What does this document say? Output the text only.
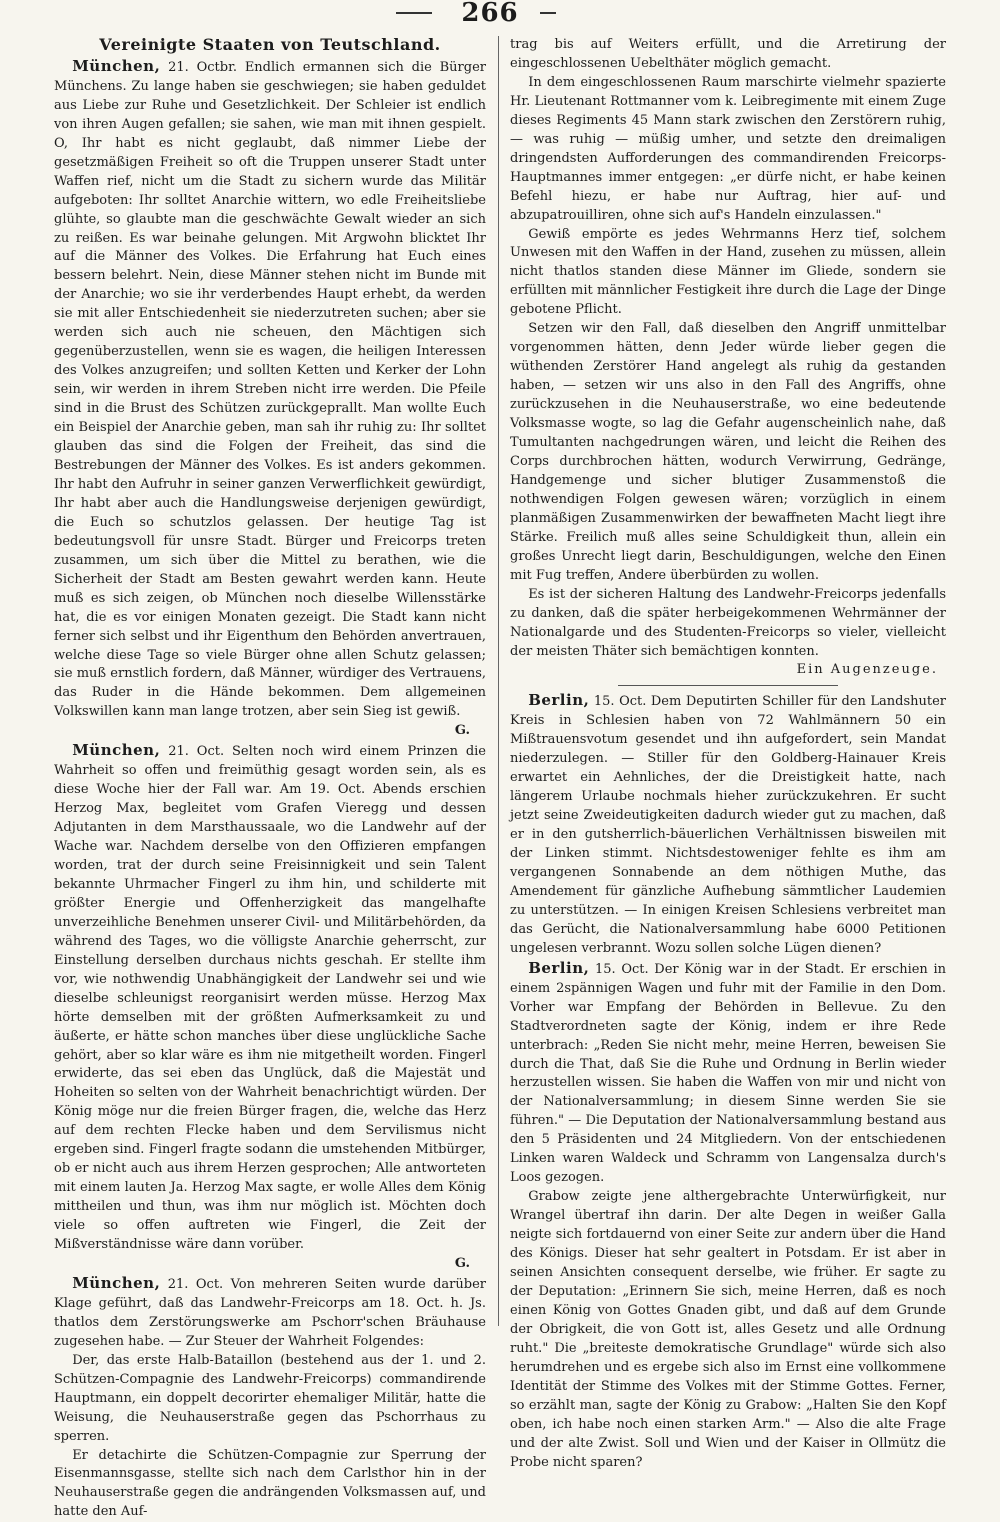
266
Vereinigte Staaten von Teutschland.

München, 21. Octbr. Endlich ermannen sich die Bürger Münchens. Zu lange haben sie geschwiegen; sie haben geduldet aus Liebe zur Ruhe und Gesetzlichkeit. Der Schleier ist endlich von ihren Augen gefallen; sie sahen, wie man mit ihnen gespielt. O, Ihr habt es nicht geglaubt, daß nimmer Liebe der gesetzmäßigen Freiheit so oft die Truppen unserer Stadt unter Waffen rief, nicht um die Stadt zu sichern wurde das Militär aufgeboten: Ihr solltet Anarchie wittern, wo edle Freiheitsliebe glühte, so glaubte man die geschwächte Gewalt wieder an sich zu reißen. Es war beinahe gelungen. Mit Argwohn blicktet Ihr auf die Männer des Volkes. Die Erfahrung hat Euch eines bessern belehrt. Nein, diese Männer stehen nicht im Bunde mit der Anarchie; wo sie ihr verderbendes Haupt erhebt, da werden sie mit aller Entschiedenheit sie niederzutreten suchen; aber sie werden sich auch nie scheuen, den Mächtigen sich gegenüberzustellen, wenn sie es wagen, die heiligen Interessen des Volkes anzugreifen; und sollten Ketten und Kerker der Lohn sein, wir werden in ihrem Streben nicht irre werden. Die Pfeile sind in die Brust des Schützen zurückgeprallt. Man wollte Euch ein Beispiel der Anarchie geben, man sah ihr ruhig zu: Ihr solltet glauben das sind die Folgen der Freiheit, das sind die Bestrebungen der Männer des Volkes. Es ist anders gekommen. Ihr habt den Aufruhr in seiner ganzen Verwerflichkeit gewürdigt, Ihr habt aber auch die Handlungsweise derjenigen gewürdigt, die Euch so schutzlos gelassen. Der heutige Tag ist bedeutungsvoll für unsre Stadt. Bürger und Freicorps treten zusammen, um sich über die Mittel zu berathen, wie die Sicherheit der Stadt am Besten gewahrt werden kann. Heute muß es sich zeigen, ob München noch dieselbe Willensstärke hat, die es vor einigen Monaten gezeigt. Die Stadt kann nicht ferner sich selbst und ihr Eigenthum den Behörden anvertrauen, welche diese Tage so viele Bürger ohne allen Schutz gelassen; sie muß ernstlich fordern, daß Männer, würdiger des Vertrauens, das Ruder in die Hände bekommen. Dem allgemeinen Volkswillen kann man lange trotzen, aber sein Sieg ist gewiß.

G.

München, 21. Oct. Selten noch wird einem Prinzen die Wahrheit so offen und freimüthig gesagt worden sein, als es diese Woche hier der Fall war. Am 19. Oct. Abends erschien Herzog Max, begleitet vom Grafen Vieregg und dessen Adjutanten in dem Marsthaussaale, wo die Landwehr auf der Wache war. Nachdem derselbe von den Offizieren empfangen worden, trat der durch seine Freisinnigkeit und sein Talent bekannte Uhrmacher Fingerl zu ihm hin, und schilderte mit größter Energie und Offenherzigkeit das mangelhafte unverzeihliche Benehmen unserer Civil- und Militärbehörden, da während des Tages, wo die völligste Anarchie geherrscht, zur Einstellung derselben durchaus nichts geschah. Er stellte ihm vor, wie nothwendig Unabhängigkeit der Landwehr sei und wie dieselbe schleunigst reorganisirt werden müsse. Herzog Max hörte demselben mit der größten Aufmerksamkeit zu und äußerte, er hätte schon manches über diese unglückliche Sache gehört, aber so klar wäre es ihm nie mitgetheilt worden. Fingerl erwiderte, das sei eben das Unglück, daß die Majestät und Hoheiten so selten von der Wahrheit benachrichtigt würden. Der König möge nur die freien Bürger fragen, die, welche das Herz auf dem rechten Flecke haben und dem Servilismus nicht ergeben sind. Fingerl fragte sodann die umstehenden Mitbürger, ob er nicht auch aus ihrem Herzen gesprochen; Alle antworteten mit einem lauten Ja. Herzog Max sagte, er wolle Alles dem König mittheilen und thun, was ihm nur möglich ist. Möchten doch viele so offen auftreten wie Fingerl, die Zeit der Mißverständnisse wäre dann vorüber.

G.

München, 21. Oct. Von mehreren Seiten wurde darüber Klage geführt, daß das Landwehr-Freicorps am 18. Oct. h. Js. thatlos dem Zerstörungswerke am Pschorr'schen Bräuhause zugesehen habe. — Zur Steuer der Wahrheit Folgendes:

Der, das erste Halb-Bataillon (bestehend aus der 1. und 2. Schützen-Compagnie des Landwehr-Freicorps) commandirende Hauptmann, ein doppelt decorirter ehemaliger Militär, hatte die Weisung, die Neuhauserstraße gegen das Pschorrhaus zu sperren.

Er detachirte die Schützen-Compagnie zur Sperrung der Eisenmannsgasse, stellte sich nach dem Carlsthor hin in der Neuhauserstraße gegen die andrängenden Volksmassen auf, und hatte den Auf-

trag bis auf Weiters erfüllt, und die Arretirung der eingeschlossenen Uebelthäter möglich gemacht.

In dem eingeschlossenen Raum marschirte vielmehr spazierte Hr. Lieutenant Rottmanner vom k. Leibregimente mit einem Zuge dieses Regiments 45 Mann stark zwischen den Zerstörern ruhig, — was ruhig — müßig umher, und setzte den dreimaligen dringendsten Aufforderungen des commandirenden Freicorps-Hauptmannes immer entgegen: „er dürfe nicht, er habe keinen Befehl hiezu, er habe nur Auftrag, hier auf- und abzupatrouilliren, ohne sich auf's Handeln einzulassen."

Gewiß empörte es jedes Wehrmanns Herz tief, solchem Unwesen mit den Waffen in der Hand, zusehen zu müssen, allein nicht thatlos standen diese Männer im Gliede, sondern sie erfüllten mit männlicher Festigkeit ihre durch die Lage der Dinge gebotene Pflicht.

Setzen wir den Fall, daß dieselben den Angriff unmittelbar vorgenommen hätten, denn Jeder würde lieber gegen die wüthenden Zerstörer Hand angelegt als ruhig da gestanden haben, — setzen wir uns also in den Fall des Angriffs, ohne zurückzusehen in die Neuhauserstraße, wo eine bedeutende Volksmasse wogte, so lag die Gefahr augenscheinlich nahe, daß Tumultanten nachgedrungen wären, und leicht die Reihen des Corps durchbrochen hätten, wodurch Verwirrung, Gedränge, Handgemenge und sicher blutiger Zusammenstoß die nothwendigen Folgen gewesen wären; vorzüglich in einem planmäßigen Zusammenwirken der bewaffneten Macht liegt ihre Stärke. Freilich muß alles seine Schuldigkeit thun, allein ein großes Unrecht liegt darin, Beschuldigungen, welche den Einen mit Fug treffen, Andere überbürden zu wollen.

Es ist der sicheren Haltung des Landwehr-Freicorps jedenfalls zu danken, daß die später herbeigekommenen Wehrmänner der Nationalgarde und des Studenten-Freicorps so vieler, vielleicht der meisten Thäter sich bemächtigen konnten.

Ein Augenzeuge.

Berlin, 15. Oct. Dem Deputirten Schiller für den Landshuter Kreis in Schlesien haben von 72 Wahlmännern 50 ein Mißtrauensvotum gesendet und ihn aufgefordert, sein Mandat niederzulegen. — Stiller für den Goldberg-Hainauer Kreis erwartet ein Aehnliches, der die Dreistigkeit hatte, nach längerem Urlaube nochmals hieher zurückzukehren. Er sucht jetzt seine Zweideutigkeiten dadurch wieder gut zu machen, daß er in den gutsherrlich-bäuerlichen Verhältnissen bisweilen mit der Linken stimmt. Nichtsdestoweniger fehlte es ihm am vergangenen Sonnabende an dem nöthigen Muthe, das Amendement für gänzliche Aufhebung sämmtlicher Laudemien zu unterstützen. — In einigen Kreisen Schlesiens verbreitet man das Gerücht, die Nationalversammlung habe 6000 Petitionen ungelesen verbrannt. Wozu sollen solche Lügen dienen?

Berlin, 15. Oct. Der König war in der Stadt. Er erschien in einem 2spännigen Wagen und fuhr mit der Familie in den Dom. Vorher war Empfang der Behörden in Bellevue. Zu den Stadtverordneten sagte der König, indem er ihre Rede unterbrach: „Reden Sie nicht mehr, meine Herren, beweisen Sie durch die That, daß Sie die Ruhe und Ordnung in Berlin wieder herzustellen wissen. Sie haben die Waffen von mir und nicht von der Nationalversammlung; in diesem Sinne werden Sie sie führen." — Die Deputation der Nationalversammlung bestand aus den 5 Präsidenten und 24 Mitgliedern. Von der entschiedenen Linken waren Waldeck und Schramm von Langensalza durch's Loos gezogen.

Grabow zeigte jene althergebrachte Unterwürfigkeit, nur Wrangel übertraf ihn darin. Der alte Degen in weißer Galla neigte sich fortdauernd von einer Seite zur andern über die Hand des Königs. Dieser hat sehr gealtert in Potsdam. Er ist aber in seinen Ansichten consequent derselbe, wie früher. Er sagte zu der Deputation: „Erinnern Sie sich, meine Herren, daß es noch einen König von Gottes Gnaden gibt, und daß auf dem Grunde der Obrigkeit, die von Gott ist, alles Gesetz und alle Ordnung ruht." Die „breiteste demokratische Grundlage" würde sich also herumdrehen und es ergebe sich also im Ernst eine vollkommene Identität der Stimme des Volkes mit der Stimme Gottes. Ferner, so erzählt man, sagte der König zu Grabow: „Halten Sie den Kopf oben, ich habe noch einen starken Arm." — Also die alte Frage und der alte Zwist. Soll und Wien und der Kaiser in Ollmütz die Probe nicht sparen?
